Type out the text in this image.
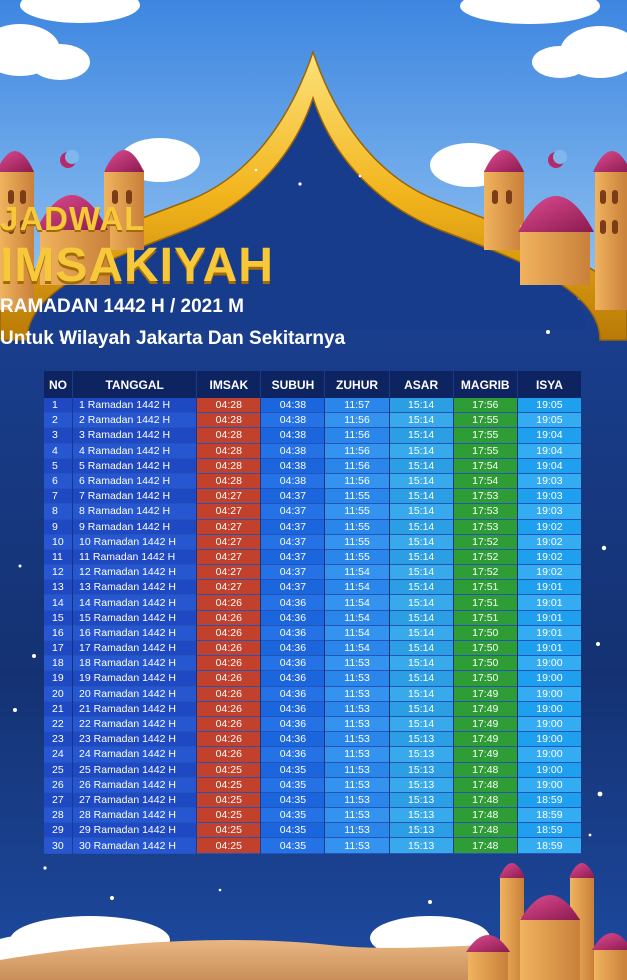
JADWAL
IMSAKIYAH
RAMADAN 1442 H / 2021 M
Untuk Wilayah Jakarta Dan Sekitarnya
NO	TANGGAL	IMSAK	SUBUH	ZUHUR	ASAR	MAGRIB	ISYA
1	1 Ramadan 1442 H	04:28	04:38	11:57	15:14	17:56	19:05
2	2 Ramadan 1442 H	04:28	04:38	11:56	15:14	17:55	19:05
3	3 Ramadan 1442 H	04:28	04:38	11:56	15:14	17:55	19:04
4	4 Ramadan 1442 H	04:28	04:38	11:56	15:14	17:55	19:04
5	5 Ramadan 1442 H	04:28	04:38	11:56	15:14	17:54	19:04
6	6 Ramadan 1442 H	04:28	04:38	11:56	15:14	17:54	19:03
7	7 Ramadan 1442 H	04:27	04:37	11:55	15:14	17:53	19:03
8	8 Ramadan 1442 H	04:27	04:37	11:55	15:14	17:53	19:03
9	9 Ramadan 1442 H	04:27	04:37	11:55	15:14	17:53	19:02
10	10 Ramadan 1442 H	04:27	04:37	11:55	15:14	17:52	19:02
11	11 Ramadan 1442 H	04:27	04:37	11:55	15:14	17:52	19:02
12	12 Ramadan 1442 H	04:27	04:37	11:54	15:14	17:52	19:02
13	13 Ramadan 1442 H	04:27	04:37	11:54	15:14	17:51	19:01
14	14 Ramadan 1442 H	04:26	04:36	11:54	15:14	17:51	19:01
15	15 Ramadan 1442 H	04:26	04:36	11:54	15:14	17:51	19:01
16	16 Ramadan 1442 H	04:26	04:36	11:54	15:14	17:50	19:01
17	17 Ramadan 1442 H	04:26	04:36	11:54	15:14	17:50	19:01
18	18 Ramadan 1442 H	04:26	04:36	11:53	15:14	17:50	19:00
19	19 Ramadan 1442 H	04:26	04:36	11:53	15:14	17:50	19:00
20	20 Ramadan 1442 H	04:26	04:36	11:53	15:14	17:49	19:00
21	21 Ramadan 1442 H	04:26	04:36	11:53	15:14	17:49	19:00
22	22 Ramadan 1442 H	04:26	04:36	11:53	15:14	17:49	19:00
23	23 Ramadan 1442 H	04:26	04:36	11:53	15:13	17:49	19:00
24	24 Ramadan 1442 H	04:26	04:36	11:53	15:13	17:49	19:00
25	25 Ramadan 1442 H	04:25	04:35	11:53	15:13	17:48	19:00
26	26 Ramadan 1442 H	04:25	04:35	11:53	15:13	17:48	19:00
27	27 Ramadan 1442 H	04:25	04:35	11:53	15:13	17:48	18:59
28	28 Ramadan 1442 H	04:25	04:35	11:53	15:13	17:48	18:59
29	29 Ramadan 1442 H	04:25	04:35	11:53	15:13	17:48	18:59
30	30 Ramadan 1442 H	04:25	04:35	11:53	15:13	17:48	18:59
